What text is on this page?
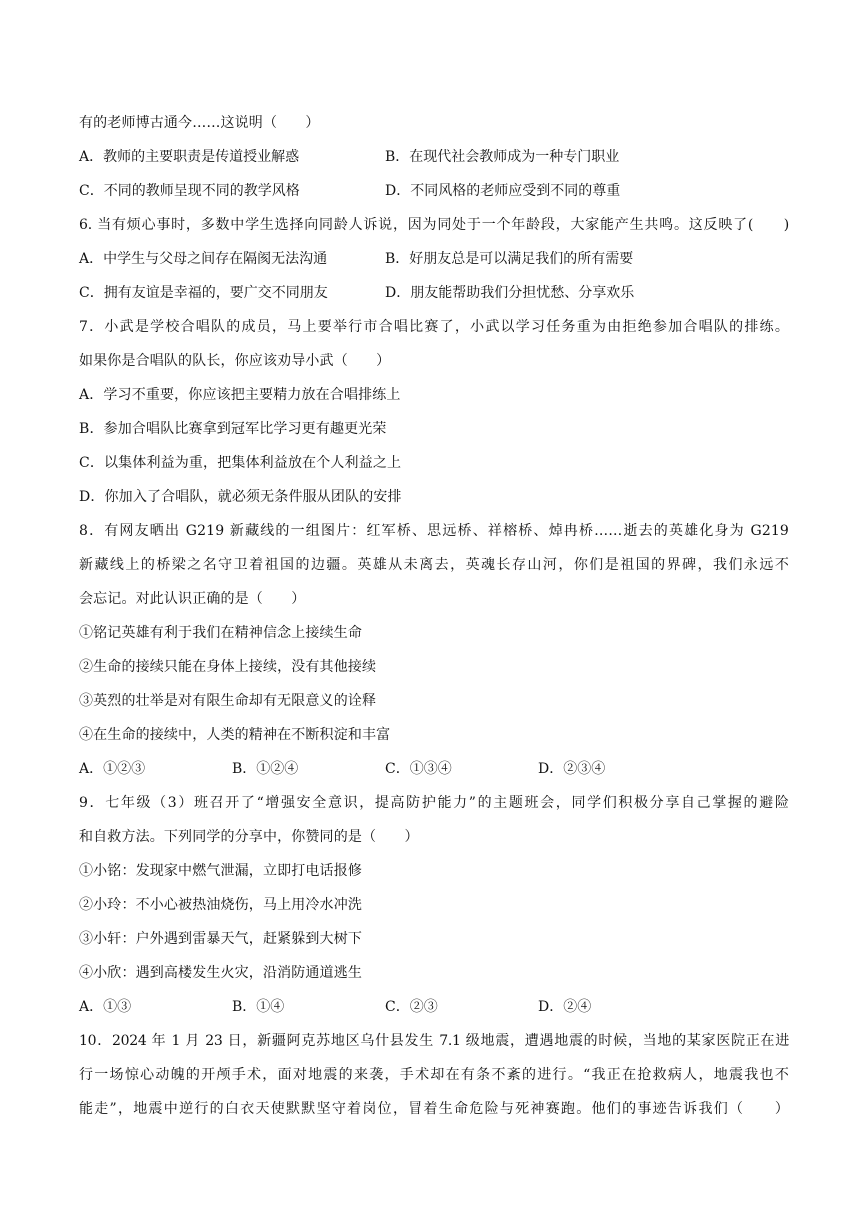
有的老师博古通今……这说明（　　）
A．教师的主要职责是传道授业解惑	B．在现代社会教师成为一种专门职业
C．不同的教师呈现不同的教学风格	D．不同风格的老师应受到不同的尊重
6. 当有烦心事时，多数中学生选择向同龄人诉说，因为同处于一个年龄段，大家能产生共鸣。这反映了(　　)
A．中学生与父母之间存在隔阂无法沟通	B．好朋友总是可以满足我们的所有需要
C．拥有友谊是幸福的，要广交不同朋友	D．朋友能帮助我们分担忧愁、分享欢乐
7．小武是学校合唱队的成员，马上要举行市合唱比赛了，小武以学习任务重为由拒绝参加合唱队的排练。
如果你是合唱队的队长，你应该劝导小武（　　）
A．学习不重要，你应该把主要精力放在合唱排练上
B．参加合唱队比赛拿到冠军比学习更有趣更光荣
C．以集体利益为重，把集体利益放在个人利益之上
D．你加入了合唱队，就必须无条件服从团队的安排
8．有网友晒出 G219 新藏线的一组图片：红军桥、思远桥、祥榕桥、焯冉桥……逝去的英雄化身为 G219
新藏线上的桥梁之名守卫着祖国的边疆。英雄从未离去，英魂长存山河，你们是祖国的界碑，我们永远不
会忘记。对此认识正确的是（　　）
①铭记英雄有利于我们在精神信念上接续生命
②生命的接续只能在身体上接续，没有其他接续
③英烈的壮举是对有限生命却有无限意义的诠释
④在生命的接续中，人类的精神在不断积淀和丰富
A．①②③	B．①②④	C．①③④	D．②③④
9．七年级（3）班召开了“增强安全意识，提高防护能力”的主题班会，同学们积极分享自己掌握的避险
和自救方法。下列同学的分享中，你赞同的是（　　）
①小铭：发现家中燃气泄漏，立即打电话报修
②小玲：不小心被热油烧伤，马上用冷水冲洗
③小轩：户外遇到雷暴天气，赶紧躲到大树下
④小欣：遇到高楼发生火灾，沿消防通道逃生
A．①③	B．①④	C．②③	D．②④
10．2024 年 1 月 23 日，新疆阿克苏地区乌什县发生 7.1 级地震，遭遇地震的时候，当地的某家医院正在进
行一场惊心动魄的开颅手术，面对地震的来袭，手术却在有条不紊的进行。“我正在抢救病人，地震我也不
能走”，地震中逆行的白衣天使默默坚守着岗位，冒着生命危险与死神赛跑。他们的事迹告诉我们（　　）
